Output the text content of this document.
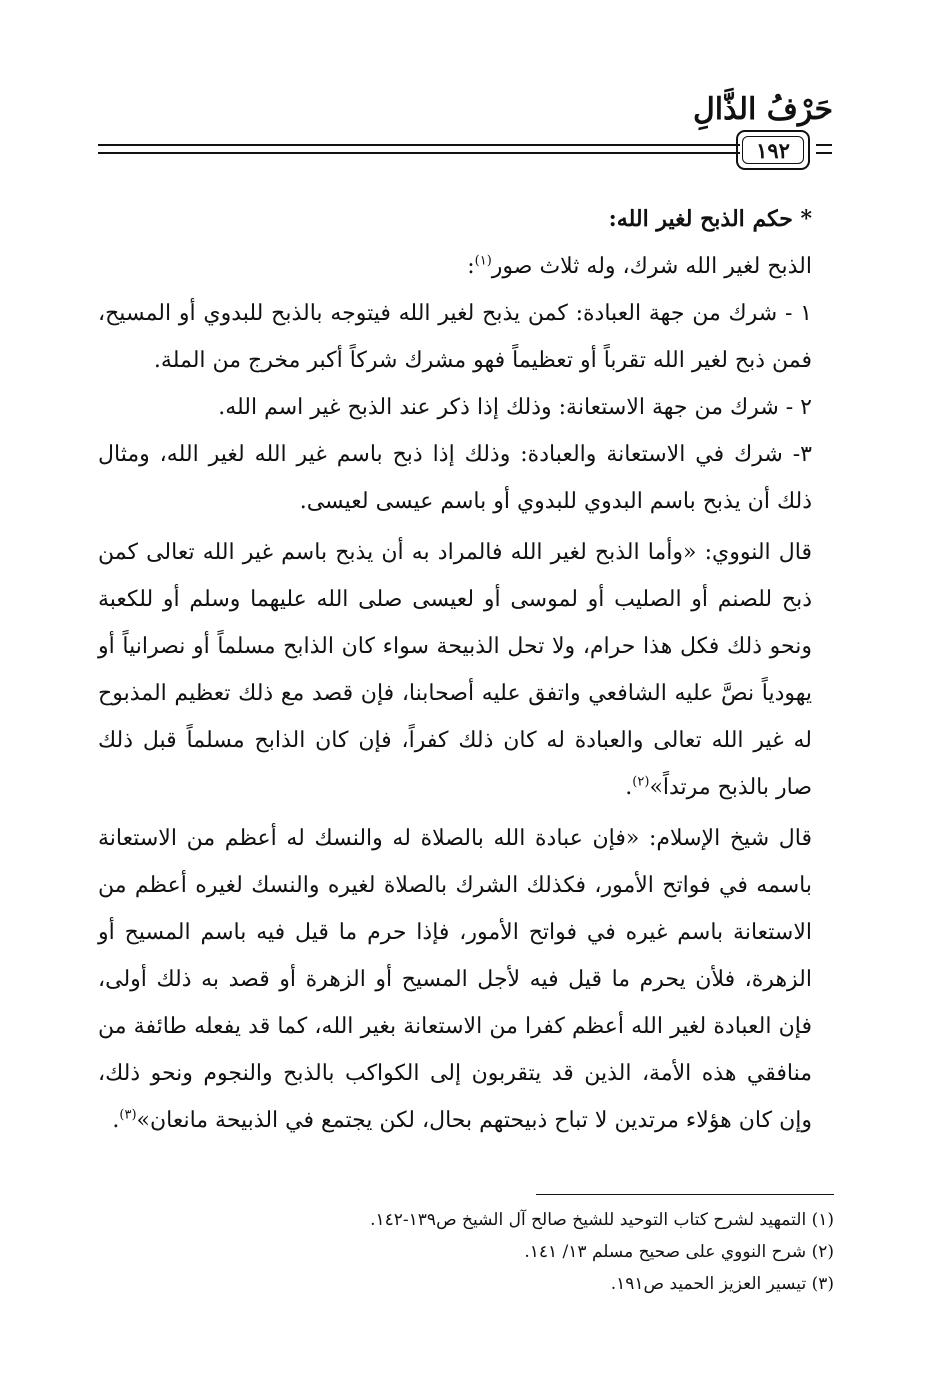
حَرْفُ الذَّالِ
١٩٢

* حكم الذبح لغير الله:

الذبح لغير الله شرك، وله ثلاث صور$^{(١)}$:

١ - شرك من جهة العبادة: كمن يذبح لغير الله فيتوجه بالذبح للبدوي أو المسيح، فمن ذبح لغير الله تقرباً أو تعظيماً فهو مشرك شركاً أكبر مخرج من الملة.

٢ - شرك من جهة الاستعانة: وذلك إذا ذكر عند الذبح غير اسم الله.

٣- شرك في الاستعانة والعبادة: وذلك إذا ذبح باسم غير الله لغير الله، ومثال ذلك أن يذبح باسم البدوي للبدوي أو باسم عيسى لعيسى.

قال النووي: «وأما الذبح لغير الله فالمراد به أن يذبح باسم غير الله تعالى كمن ذبح للصنم أو الصليب أو لموسى أو لعيسى صلى الله عليهما وسلم أو للكعبة ونحو ذلك فكل هذا حرام، ولا تحل الذبيحة سواء كان الذابح مسلماً أو نصرانياً أو يهودياً نصَّ عليه الشافعي واتفق عليه أصحابنا، فإن قصد مع ذلك تعظيم المذبوح له غير الله تعالى والعبادة له كان ذلك كفراً، فإن كان الذابح مسلماً قبل ذلك صار بالذبح مرتداً»$^{(٢)}$.

قال شيخ الإسلام: «فإن عبادة الله بالصلاة له والنسك له أعظم من الاستعانة باسمه في فواتح الأمور، فكذلك الشرك بالصلاة لغيره والنسك لغيره أعظم من الاستعانة باسم غيره في فواتح الأمور، فإذا حرم ما قيل فيه باسم المسيح أو الزهرة، فلأن يحرم ما قيل فيه لأجل المسيح أو الزهرة أو قصد به ذلك أولى، فإن العبادة لغير الله أعظم كفرا من الاستعانة بغير الله، كما قد يفعله طائفة من منافقي هذه الأمة، الذين قد يتقربون إلى الكواكب بالذبح والنجوم ونحو ذلك، وإن كان هؤلاء مرتدين لا تباح ذبيحتهم بحال، لكن يجتمع في الذبيحة مانعان»$^{(٣)}$.

(١) التمهيد لشرح كتاب التوحيد للشيخ صالح آل الشيخ ص١٣٩-١٤٢.

(٢) شرح النووي على صحيح مسلم ١٣/ ١٤١.

(٣) تيسير العزيز الحميد ص١٩١.
